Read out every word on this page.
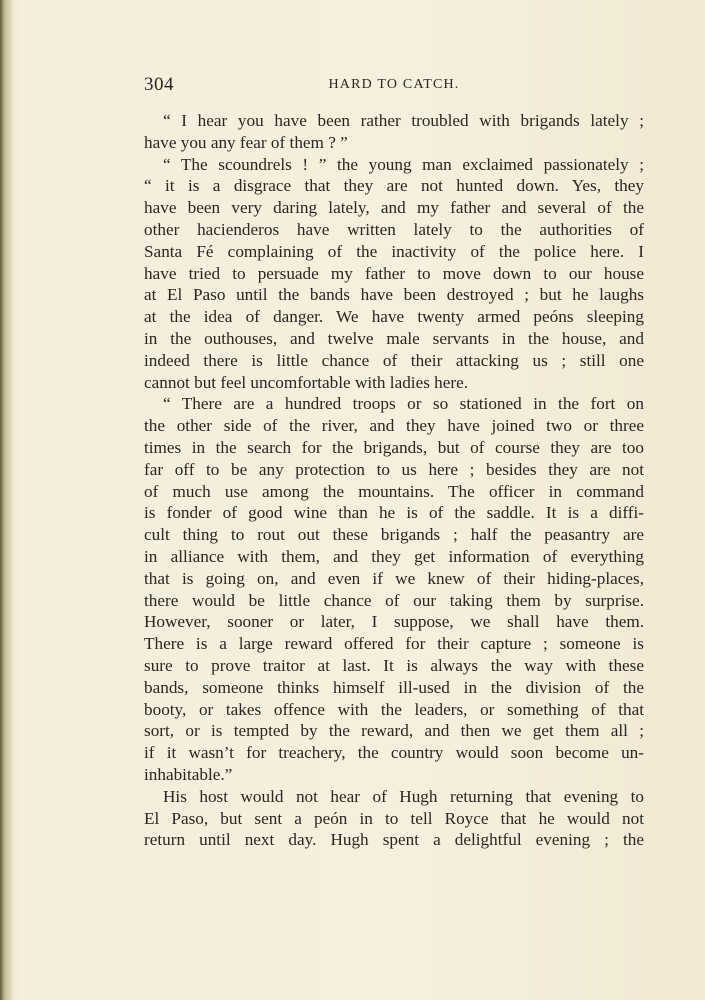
304	HARD TO CATCH.
“ I hear you have been rather troubled with brigands lately ;
have you any fear of them ? ”
“ The scoundrels ! ” the young man exclaimed passionately ;
“ it is a disgrace that they are not hunted down. Yes, they
have been very daring lately, and my father and several of the
other hacienderos have written lately to the authorities of
Santa Fé complaining of the inactivity of the police here. I
have tried to persuade my father to move down to our house
at El Paso until the bands have been destroyed ; but he laughs
at the idea of danger. We have twenty armed peóns sleeping
in the outhouses, and twelve male servants in the house, and
indeed there is little chance of their attacking us ; still one
cannot but feel uncomfortable with ladies here.
“ There are a hundred troops or so stationed in the fort on
the other side of the river, and they have joined two or three
times in the search for the brigands, but of course they are too
far off to be any protection to us here ; besides they are not
of much use among the mountains. The officer in command
is fonder of good wine than he is of the saddle. It is a diffi-
cult thing to rout out these brigands ; half the peasantry are
in alliance with them, and they get information of everything
that is going on, and even if we knew of their hiding-places,
there would be little chance of our taking them by surprise.
However, sooner or later, I suppose, we shall have them.
There is a large reward offered for their capture ; someone is
sure to prove traitor at last. It is always the way with these
bands, someone thinks himself ill-used in the division of the
booty, or takes offence with the leaders, or something of that
sort, or is tempted by the reward, and then we get them all ;
if it wasn’t for treachery, the country would soon become un-
inhabitable.”
His host would not hear of Hugh returning that evening to
El Paso, but sent a peón in to tell Royce that he would not
return until next day. Hugh spent a delightful evening ; the
